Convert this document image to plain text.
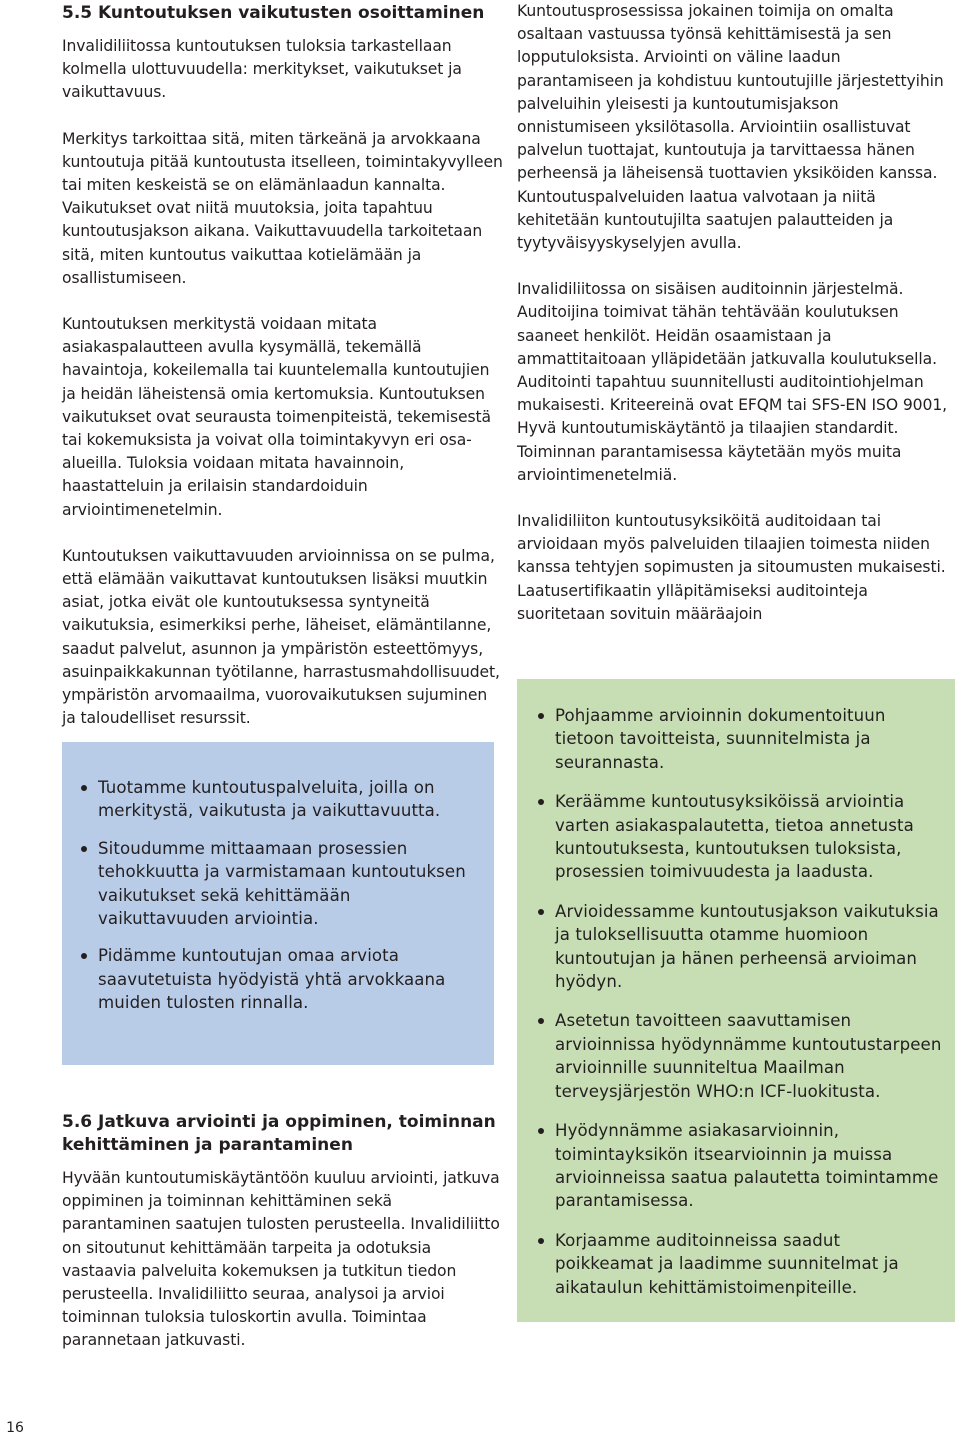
5.5 Kuntoutuksen vaikutusten osoittaminen

Invalidiliitossa kuntoutuksen tuloksia tarkastellaan kolmella ulottuvuudella: merkitykset, vaikutukset ja vaikuttavuus.

Merkitys tarkoittaa sitä, miten tärkeänä ja arvokkaana kuntoutuja pitää kuntoutusta itselleen, toimintakyvylleen tai miten keskeistä se on elämänlaadun kannalta. Vaikutukset ovat niitä muutoksia, joita tapahtuu kuntoutusjakson aikana. Vaikuttavuudella tarkoitetaan sitä, miten kuntoutus vaikuttaa kotielämään ja osallistumiseen.

Kuntoutuksen merkitystä voidaan mitata asiakaspalautteen avulla kysymällä, tekemällä havaintoja, kokeilemalla tai kuuntelemalla kuntoutujien ja heidän läheistensä omia kertomuksia. Kuntoutuksen vaikutukset ovat seurausta toimenpiteistä, tekemisestä tai kokemuksista ja voivat olla toimintakyvyn eri osa-alueilla. Tuloksia voidaan mitata havainnoin, haastatteluin ja erilaisin standardoiduin arviointimenetelmin.

Kuntoutuksen vaikuttavuuden arvioinnissa on se pulma, että elämään vaikuttavat kuntoutuksen lisäksi muutkin asiat, jotka eivät ole kuntoutuksessa syntyneitä vaikutuksia, esimerkiksi perhe, läheiset, elämäntilanne, saadut palvelut, asunnon ja ympäristön esteettömyys, asuinpaikkakunnan työtilanne, harrastusmahdollisuudet, ympäristön arvomaailma, vuorovaikutuksen sujuminen ja taloudelliset resurssit.

Tuotamme kuntoutuspalveluita, joilla on merkitystä, vaikutusta ja vaikuttavuutta.
Sitoudumme mittaamaan prosessien tehokkuutta ja varmistamaan kuntoutuksen vaikutukset sekä kehittämään vaikuttavuuden arviointia.
Pidämme kuntoutujan omaa arviota saavutetuista hyödyistä yhtä arvokkaana muiden tulosten rinnalla.
5.6 Jatkuva arviointi ja oppiminen, toiminnan kehittäminen ja parantaminen

Hyvään kuntoutumiskäytäntöön kuuluu arviointi, jatkuva oppiminen ja toiminnan kehittäminen sekä parantaminen saatujen tulosten perusteella. Invalidiliitto on sitoutunut kehittämään tarpeita ja odotuksia vastaavia palveluita kokemuksen ja tutkitun tiedon perusteella. Invalidiliitto seuraa, analysoi ja arvioi toiminnan tuloksia tuloskortin avulla. Toimintaa parannetaan jatkuvasti.

Kuntoutusprosessissa jokainen toimija on omalta osaltaan vastuussa työnsä kehittämisestä ja sen lopputuloksista. Arviointi on väline laadun parantamiseen ja kohdistuu kuntoutujille järjestettyihin palveluihin yleisesti ja kuntoutumisjakson onnistumiseen yksilötasolla. Arviointiin osallistuvat palvelun tuottajat, kuntoutuja ja tarvittaessa hänen perheensä ja läheisensä tuottavien yksiköiden kanssa. Kuntoutuspalveluiden laatua valvotaan ja niitä kehitetään kuntoutujilta saatujen palautteiden ja tyytyväisyyskyselyjen avulla.

Invalidiliitossa on sisäisen auditoinnin järjestelmä. Auditoijina toimivat tähän tehtävään koulutuksen saaneet henkilöt. Heidän osaamistaan ja ammattitaitoaan ylläpidetään jatkuvalla koulutuksella. Auditointi tapahtuu suunnitellusti auditointiohjelman mukaisesti. Kriteereinä ovat EFQM tai SFS-EN ISO 9001, Hyvä kuntoutumiskäytäntö ja tilaajien standardit. Toiminnan parantamisessa käytetään myös muita arviointimenetelmiä.

Invalidiliiton kuntoutusyksiköitä auditoidaan tai arvioidaan myös palveluiden tilaajien toimesta niiden kanssa tehtyjen sopimusten ja sitoumusten mukaisesti. Laatusertifikaatin ylläpitämiseksi auditointeja suoritetaan sovituin määräajoin

Pohjaamme arvioinnin dokumentoituun tietoon tavoitteista, suunnitelmista ja seurannasta.
Keräämme kuntoutusyksiköissä arviointia varten asiakaspalautetta, tietoa annetusta kuntoutuksesta, kuntoutuksen tuloksista, prosessien toimivuudesta ja laadusta.
Arvioidessamme kuntoutusjakson vaikutuksia ja tuloksellisuutta otamme huomioon kuntoutujan ja hänen perheensä arvioiman hyödyn.
Asetetun tavoitteen saavuttamisen arvioinnissa hyödynnämme kuntoutustarpeen arvioinnille suunniteltua Maailman terveysjärjestön WHO:n ICF-luokitusta.
Hyödynnämme asiakasarvioinnin, toimintayksikön itsearvioinnin ja muissa arvioinneissa saatua palautetta toimintamme parantamisessa.
Korjaamme auditoinneissa saadut poikkeamat ja laadimme suunnitelmat ja aikataulun kehittämistoimenpiteille.
16
